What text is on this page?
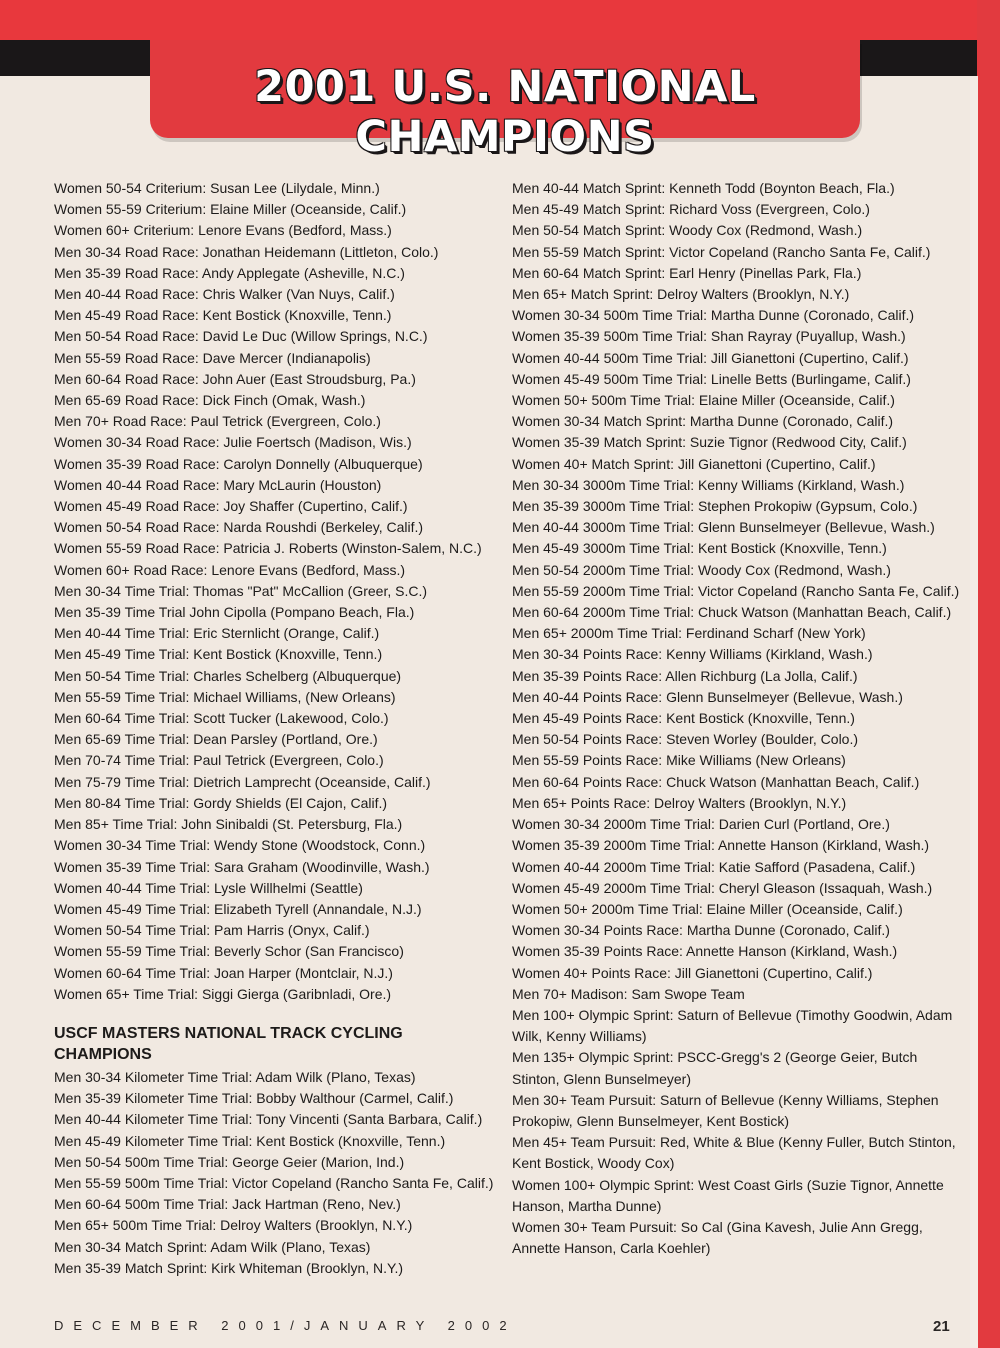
2001 U.S. NATIONAL CHAMPIONS

Women 50-54 Criterium: Susan Lee (Lilydale, Minn.)

Women 55-59 Criterium: Elaine Miller (Oceanside, Calif.)

Women 60+ Criterium: Lenore Evans (Bedford, Mass.)

Men 30-34 Road Race: Jonathan Heidemann (Littleton, Colo.)

Men 35-39 Road Race: Andy Applegate (Asheville, N.C.)

Men 40-44 Road Race: Chris Walker (Van Nuys, Calif.)

Men 45-49 Road Race: Kent Bostick (Knoxville, Tenn.)

Men 50-54 Road Race: David Le Duc (Willow Springs, N.C.)

Men 55-59 Road Race: Dave Mercer (Indianapolis)

Men 60-64 Road Race: John Auer (East Stroudsburg, Pa.)

Men 65-69 Road Race: Dick Finch (Omak, Wash.)

Men 70+ Road Race: Paul Tetrick (Evergreen, Colo.)

Women 30-34 Road Race: Julie Foertsch (Madison, Wis.)

Women 35-39 Road Race: Carolyn Donnelly (Albuquerque)

Women 40-44 Road Race: Mary McLaurin (Houston)

Women 45-49 Road Race: Joy Shaffer (Cupertino, Calif.)

Women 50-54 Road Race: Narda Roushdi (Berkeley, Calif.)

Women 55-59 Road Race: Patricia J. Roberts (Winston-Salem, N.C.)

Women 60+ Road Race: Lenore Evans (Bedford, Mass.)

Men 30-34 Time Trial: Thomas "Pat" McCallion (Greer, S.C.)

Men 35-39 Time Trial John Cipolla (Pompano Beach, Fla.)

Men 40-44 Time Trial: Eric Sternlicht (Orange, Calif.)

Men 45-49 Time Trial: Kent Bostick (Knoxville, Tenn.)

Men 50-54 Time Trial: Charles Schelberg (Albuquerque)

Men 55-59 Time Trial: Michael Williams, (New Orleans)

Men 60-64 Time Trial: Scott Tucker (Lakewood, Colo.)

Men 65-69 Time Trial: Dean Parsley (Portland, Ore.)

Men 70-74 Time Trial: Paul Tetrick (Evergreen, Colo.)

Men 75-79 Time Trial: Dietrich Lamprecht (Oceanside, Calif.)

Men 80-84 Time Trial: Gordy Shields (El Cajon, Calif.)

Men 85+ Time Trial: John Sinibaldi (St. Petersburg, Fla.)

Women 30-34 Time Trial: Wendy Stone (Woodstock, Conn.)

Women 35-39 Time Trial: Sara Graham (Woodinville, Wash.)

Women 40-44 Time Trial: Lysle Willhelmi (Seattle)

Women 45-49 Time Trial: Elizabeth Tyrell (Annandale, N.J.)

Women 50-54 Time Trial: Pam Harris (Onyx, Calif.)

Women 55-59 Time Trial: Beverly Schor (San Francisco)

Women 60-64 Time Trial: Joan Harper (Montclair, N.J.)

Women 65+ Time Trial: Siggi Gierga (Garibnladi, Ore.)

USCF MASTERS NATIONAL TRACK CYCLING CHAMPIONS

Men 30-34 Kilometer Time Trial: Adam Wilk (Plano, Texas)

Men 35-39 Kilometer Time Trial: Bobby Walthour (Carmel, Calif.)

Men 40-44 Kilometer Time Trial: Tony Vincenti (Santa Barbara, Calif.)

Men 45-49 Kilometer Time Trial: Kent Bostick (Knoxville, Tenn.)

Men 50-54 500m Time Trial: George Geier (Marion, Ind.)

Men 55-59 500m Time Trial: Victor Copeland (Rancho Santa Fe, Calif.)

Men 60-64 500m Time Trial: Jack Hartman (Reno, Nev.)

Men 65+ 500m Time Trial: Delroy Walters (Brooklyn, N.Y.)

Men 30-34 Match Sprint: Adam Wilk (Plano, Texas)

Men 35-39 Match Sprint: Kirk Whiteman (Brooklyn, N.Y.)

Men 40-44 Match Sprint: Kenneth Todd (Boynton Beach, Fla.)

Men 45-49 Match Sprint: Richard Voss (Evergreen, Colo.)

Men 50-54 Match Sprint: Woody Cox (Redmond, Wash.)

Men 55-59 Match Sprint: Victor Copeland (Rancho Santa Fe, Calif.)

Men 60-64 Match Sprint: Earl Henry (Pinellas Park, Fla.)

Men 65+ Match Sprint: Delroy Walters (Brooklyn, N.Y.)

Women 30-34 500m Time Trial: Martha Dunne (Coronado, Calif.)

Women 35-39 500m Time Trial: Shan Rayray (Puyallup, Wash.)

Women 40-44 500m Time Trial: Jill Gianettoni (Cupertino, Calif.)

Women 45-49 500m Time Trial: Linelle Betts (Burlingame, Calif.)

Women 50+ 500m Time Trial: Elaine Miller (Oceanside, Calif.)

Women 30-34 Match Sprint: Martha Dunne (Coronado, Calif.)

Women 35-39 Match Sprint: Suzie Tignor (Redwood City, Calif.)

Women 40+ Match Sprint: Jill Gianettoni (Cupertino, Calif.)

Men 30-34 3000m Time Trial: Kenny Williams (Kirkland, Wash.)

Men 35-39 3000m Time Trial: Stephen Prokopiw (Gypsum, Colo.)

Men 40-44 3000m Time Trial: Glenn Bunselmeyer (Bellevue, Wash.)

Men 45-49 3000m Time Trial: Kent Bostick (Knoxville, Tenn.)

Men 50-54 2000m Time Trial: Woody Cox (Redmond, Wash.)

Men 55-59 2000m Time Trial: Victor Copeland (Rancho Santa Fe, Calif.)

Men 60-64 2000m Time Trial: Chuck Watson (Manhattan Beach, Calif.)

Men 65+ 2000m Time Trial: Ferdinand Scharf (New York)

Men 30-34 Points Race: Kenny Williams (Kirkland, Wash.)

Men 35-39 Points Race: Allen Richburg (La Jolla, Calif.)

Men 40-44 Points Race: Glenn Bunselmeyer (Bellevue, Wash.)

Men 45-49 Points Race: Kent Bostick (Knoxville, Tenn.)

Men 50-54 Points Race: Steven Worley (Boulder, Colo.)

Men 55-59 Points Race: Mike Williams (New Orleans)

Men 60-64 Points Race: Chuck Watson (Manhattan Beach, Calif.)

Men 65+ Points Race: Delroy Walters (Brooklyn, N.Y.)

Women 30-34 2000m Time Trial: Darien Curl (Portland, Ore.)

Women 35-39 2000m Time Trial: Annette Hanson (Kirkland, Wash.)

Women 40-44 2000m Time Trial: Katie Safford (Pasadena, Calif.)

Women 45-49 2000m Time Trial: Cheryl Gleason (Issaquah, Wash.)

Women 50+ 2000m Time Trial: Elaine Miller (Oceanside, Calif.)

Women 30-34 Points Race: Martha Dunne (Coronado, Calif.)

Women 35-39 Points Race: Annette Hanson (Kirkland, Wash.)

Women 40+ Points Race: Jill Gianettoni (Cupertino, Calif.)

Men 70+ Madison: Sam Swope Team

Men 100+ Olympic Sprint: Saturn of Bellevue (Timothy Goodwin, Adam Wilk, Kenny Williams)

Men 135+ Olympic Sprint: PSCC-Gregg's 2 (George Geier, Butch Stinton, Glenn Bunselmeyer)

Men 30+ Team Pursuit: Saturn of Bellevue (Kenny Williams, Stephen Prokopiw, Glenn Bunselmeyer, Kent Bostick)

Men 45+ Team Pursuit: Red, White & Blue (Kenny Fuller, Butch Stinton, Kent Bostick, Woody Cox)

Women 100+ Olympic Sprint: West Coast Girls (Suzie Tignor, Annette Hanson, Martha Dunne)

Women 30+ Team Pursuit: So Cal (Gina Kavesh, Julie Ann Gregg, Annette Hanson, Carla Koehler)

DECEMBER 2001/JANUARY 2002	21
